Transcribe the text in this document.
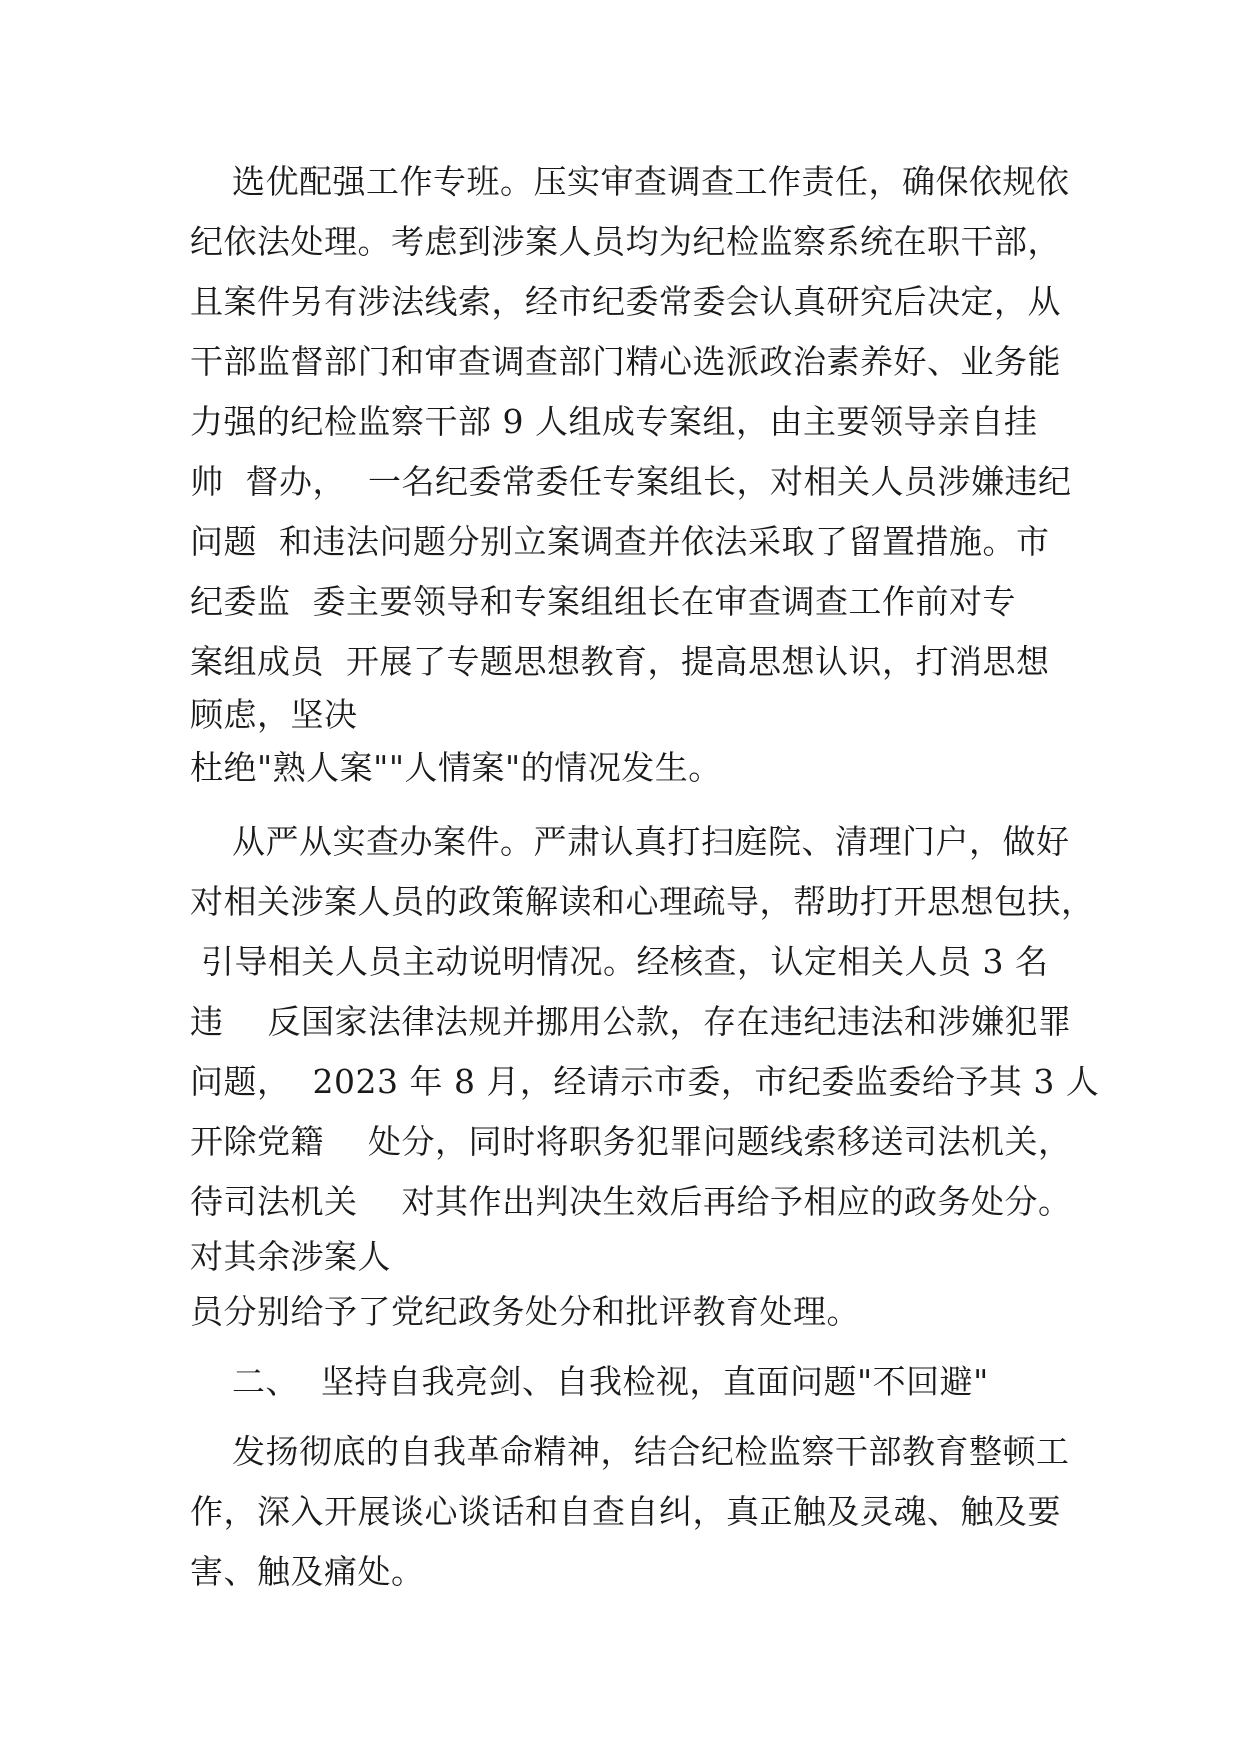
选优配强工作专班。压实审查调查工作责任，确保依规依

纪依法处理。考虑到涉案人员均为纪检监察系统在职干部，

且案件另有涉法线索，经市纪委常委会认真研究后决定，从

干部监督部门和审查调查部门精心选派政治素养好、业务能

力强的纪检监察干部 9 人组成专案组，由主要领导亲自挂

帅  督办，  一名纪委常委任专案组长，对相关人员涉嫌违纪

问题  和违法问题分别立案调查并依法采取了留置措施。市

纪委监  委主要领导和专案组组长在审查调查工作前对专

案组成员  开展了专题思想教育，提高思想认识，打消思想

顾虑，坚决

杜绝"熟人案""人情案"的情况发生。

从严从实查办案件。严肃认真打扫庭院、清理门户，做好

对相关涉案人员的政策解读和心理疏导，帮助打开思想包扶，

引导相关人员主动说明情况。经核查，认定相关人员 3 名

违    反国家法律法规并挪用公款，存在违纪违法和涉嫌犯罪

问题，  2023 年 8 月，经请示市委，市纪委监委给予其 3 人

开除党籍    处分，同时将职务犯罪问题线索移送司法机关，

待司法机关    对其作出判决生效后再给予相应的政务处分。

对其余涉案人

员分别给予了党纪政务处分和批评教育处理。

二、  坚持自我亮剑、自我检视，直面问题"不回避"

发扬彻底的自我革命精神，结合纪检监察干部教育整顿工

作，深入开展谈心谈话和自查自纠，真正触及灵魂、触及要

害、触及痛处。
